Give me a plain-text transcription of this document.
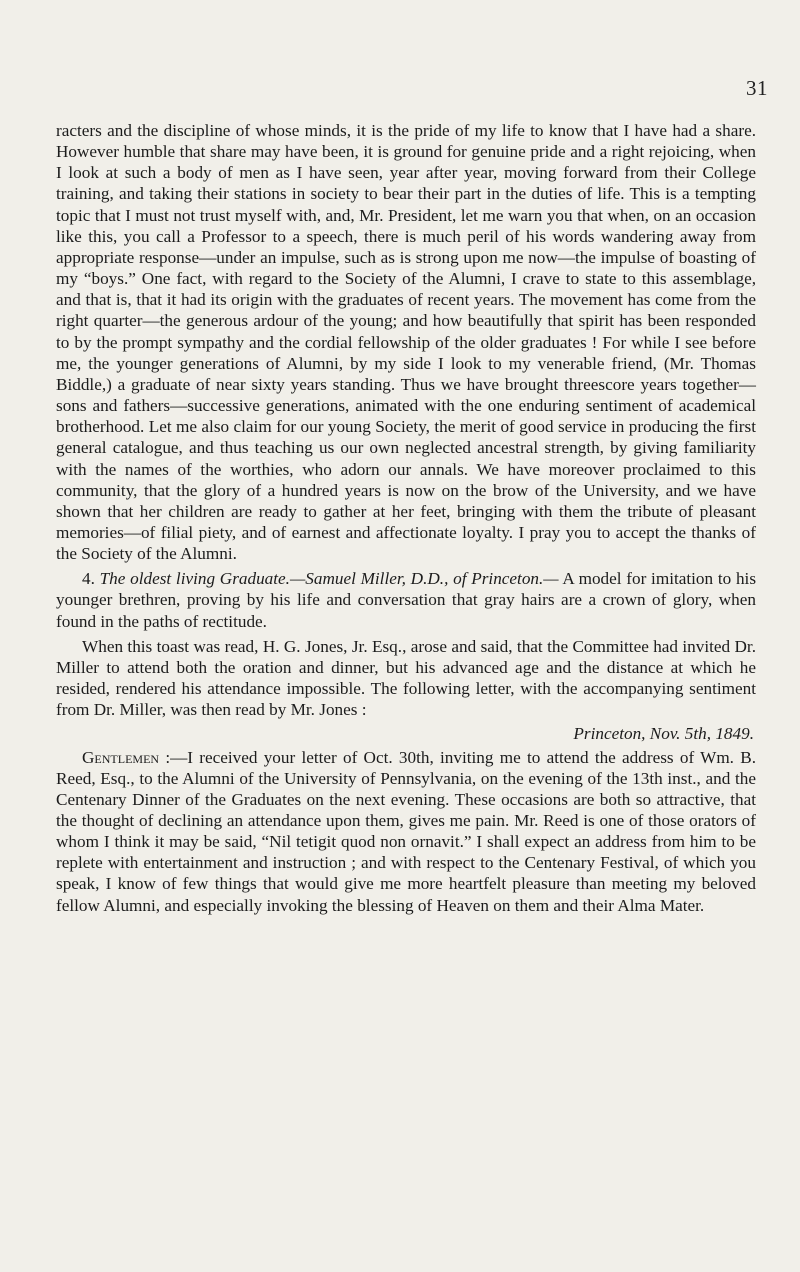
31

racters and the discipline of whose minds, it is the pride of my life to know that I have had a share. However humble that share may have been, it is ground for genuine pride and a right rejoicing, when I look at such a body of men as I have seen, year after year, moving forward from their College training, and taking their stations in society to bear their part in the duties of life. This is a tempting topic that I must not trust myself with, and, Mr. President, let me warn you that when, on an occasion like this, you call a Professor to a speech, there is much peril of his words wandering away from appropriate response—under an impulse, such as is strong upon me now—the impulse of boasting of my “boys.” One fact, with regard to the Society of the Alumni, I crave to state to this assemblage, and that is, that it had its origin with the graduates of recent years. The movement has come from the right quarter—the generous ardour of the young; and how beautifully that spirit has been responded to by the prompt sympathy and the cordial fellowship of the older graduates ! For while I see before me, the younger generations of Alumni, by my side I look to my venerable friend, (Mr. Thomas Biddle,) a graduate of near sixty years standing. Thus we have brought threescore years together—sons and fathers—successive generations, animated with the one enduring sentiment of academical brotherhood. Let me also claim for our young Society, the merit of good service in producing the first general catalogue, and thus teaching us our own neglected ancestral strength, by giving familiarity with the names of the worthies, who adorn our annals. We have moreover proclaimed to this community, that the glory of a hundred years is now on the brow of the University, and we have shown that her children are ready to gather at her feet, bringing with them the tribute of pleasant memories—of filial piety, and of earnest and affectionate loyalty. I pray you to accept the thanks of the Society of the Alumni.

4. The oldest living Graduate.—Samuel Miller, D.D., of Princeton.— A model for imitation to his younger brethren, proving by his life and conversation that gray hairs are a crown of glory, when found in the paths of rectitude.

When this toast was read, H. G. Jones, Jr. Esq., arose and said, that the Committee had invited Dr. Miller to attend both the oration and dinner, but his advanced age and the distance at which he resided, rendered his attendance impossible. The following letter, with the accompanying sentiment from Dr. Miller, was then read by Mr. Jones :

Princeton, Nov. 5th, 1849.

Gentlemen :—I received your letter of Oct. 30th, inviting me to attend the address of Wm. B. Reed, Esq., to the Alumni of the University of Pennsylvania, on the evening of the 13th inst., and the Centenary Dinner of the Graduates on the next evening. These occasions are both so attractive, that the thought of declining an attendance upon them, gives me pain. Mr. Reed is one of those orators of whom I think it may be said, “Nil tetigit quod non ornavit.” I shall expect an address from him to be replete with entertainment and instruction ; and with respect to the Centenary Festival, of which you speak, I know of few things that would give me more heartfelt pleasure than meeting my beloved fellow Alumni, and especially invoking the blessing of Heaven on them and their Alma Mater.
